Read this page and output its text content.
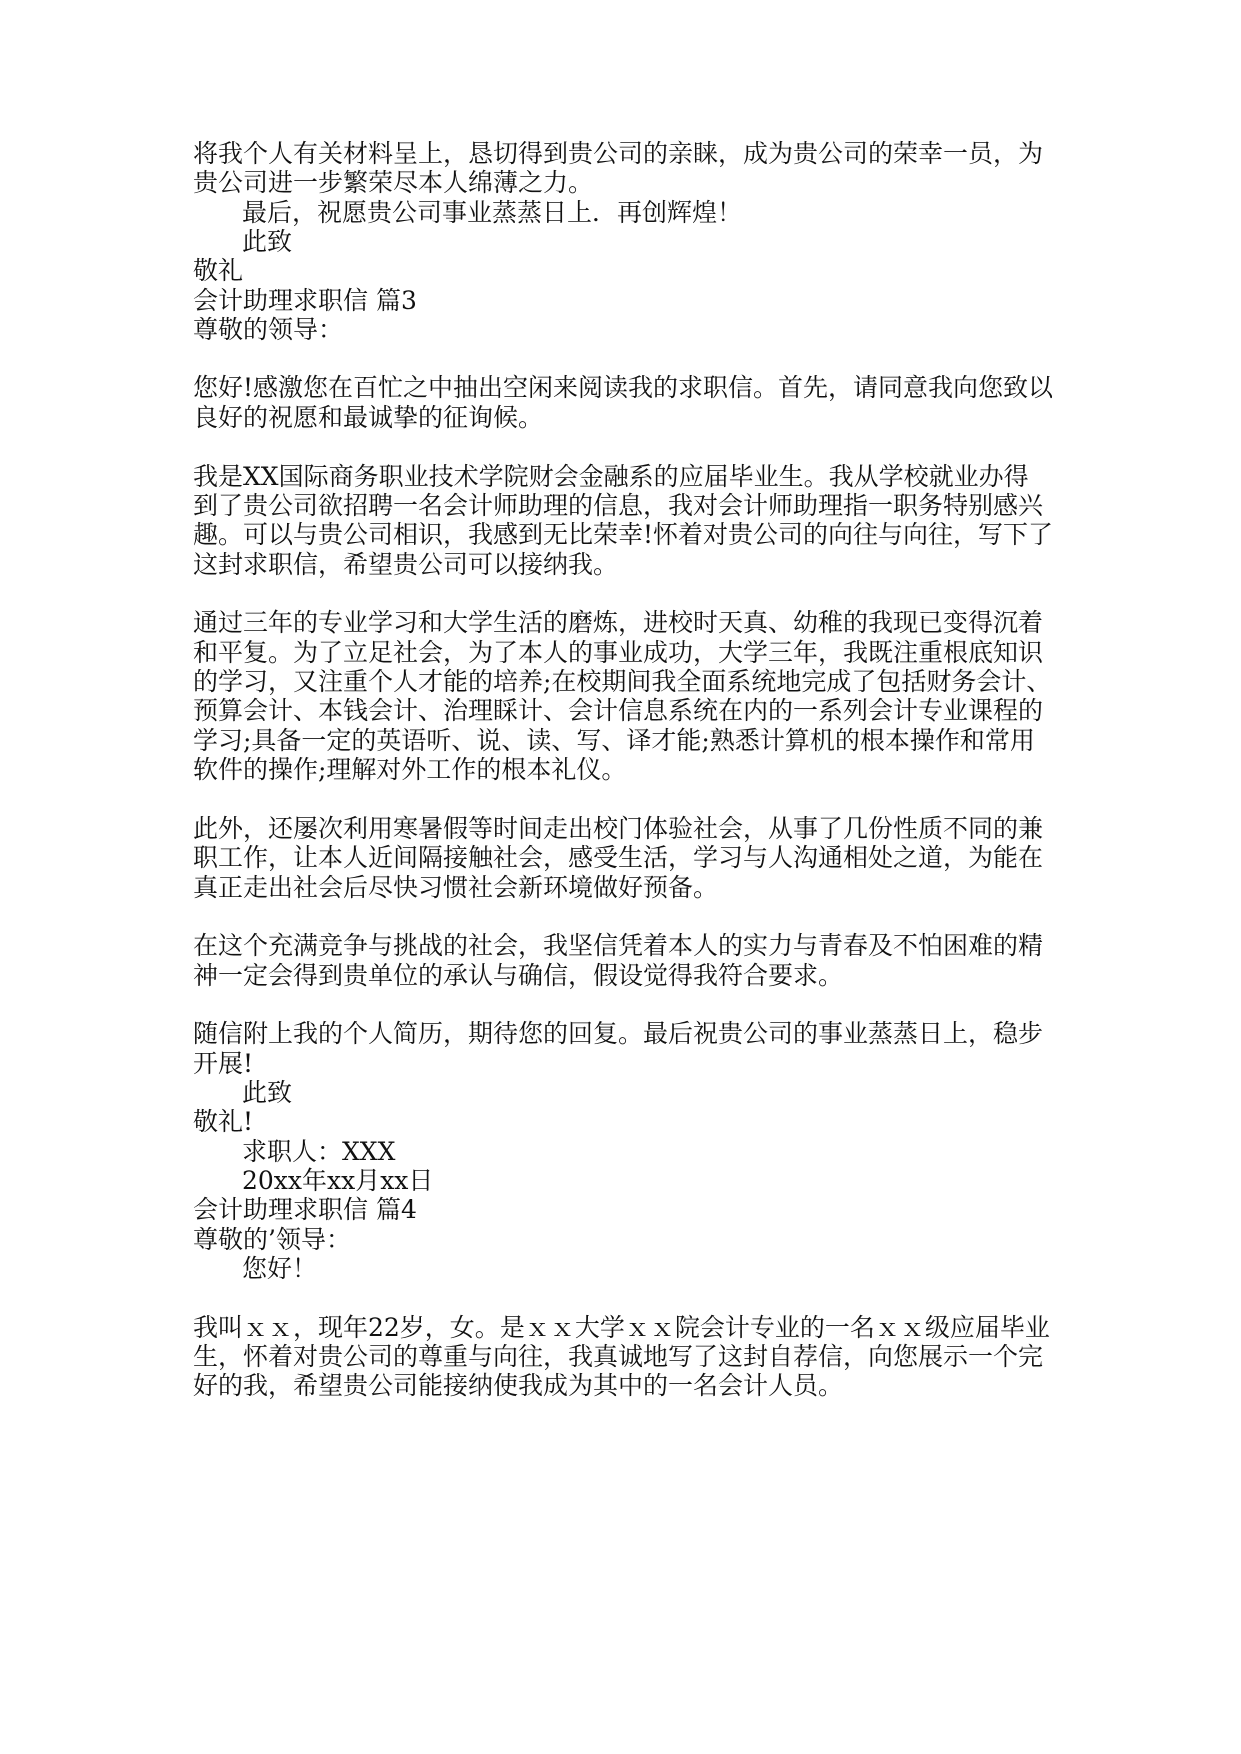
将我个人有关材料呈上，恳切得到贵公司的亲睐，成为贵公司的荣幸一员，为
贵公司进一步繁荣尽本人绵薄之力。
最后，祝愿贵公司事业蒸蒸日上．再创辉煌！
此致
敬礼
会计助理求职信 篇3
尊敬的领导：
您好!感激您在百忙之中抽出空闲来阅读我的求职信。首先，请同意我向您致以
良好的祝愿和最诚挚的征询候。
我是XX国际商务职业技术学院财会金融系的应届毕业生。我从学校就业办得
到了贵公司欲招聘一名会计师助理的信息，我对会计师助理指一职务特别感兴
趣。可以与贵公司相识，我感到无比荣幸!怀着对贵公司的向往与向往，写下了
这封求职信，希望贵公司可以接纳我。
通过三年的专业学习和大学生活的磨炼，进校时天真、幼稚的我现已变得沉着
和平复。为了立足社会，为了本人的事业成功，大学三年，我既注重根底知识
的学习，又注重个人才能的培养;在校期间我全面系统地完成了包括财务会计、
预算会计、本钱会计、治理睬计、会计信息系统在内的一系列会计专业课程的
学习;具备一定的英语听、说、读、写、译才能;熟悉计算机的根本操作和常用
软件的操作;理解对外工作的根本礼仪。
此外，还屡次利用寒暑假等时间走出校门体验社会，从事了几份性质不同的兼
职工作，让本人近间隔接触社会，感受生活，学习与人沟通相处之道，为能在
真正走出社会后尽快习惯社会新环境做好预备。
在这个充满竞争与挑战的社会，我坚信凭着本人的实力与青春及不怕困难的精
神一定会得到贵单位的承认与确信，假设觉得我符合要求。
随信附上我的个人简历，期待您的回复。最后祝贵公司的事业蒸蒸日上，稳步
开展!
此致
敬礼!
求职人：XXX
20xx年xx月xx日
会计助理求职信 篇4
尊敬的’领导：
您好！
我叫ｘｘ，现年22岁，女。是ｘｘ大学ｘｘ院会计专业的一名ｘｘ级应届毕业
生，怀着对贵公司的尊重与向往，我真诚地写了这封自荐信，向您展示一个完
好的我，希望贵公司能接纳使我成为其中的一名会计人员。
